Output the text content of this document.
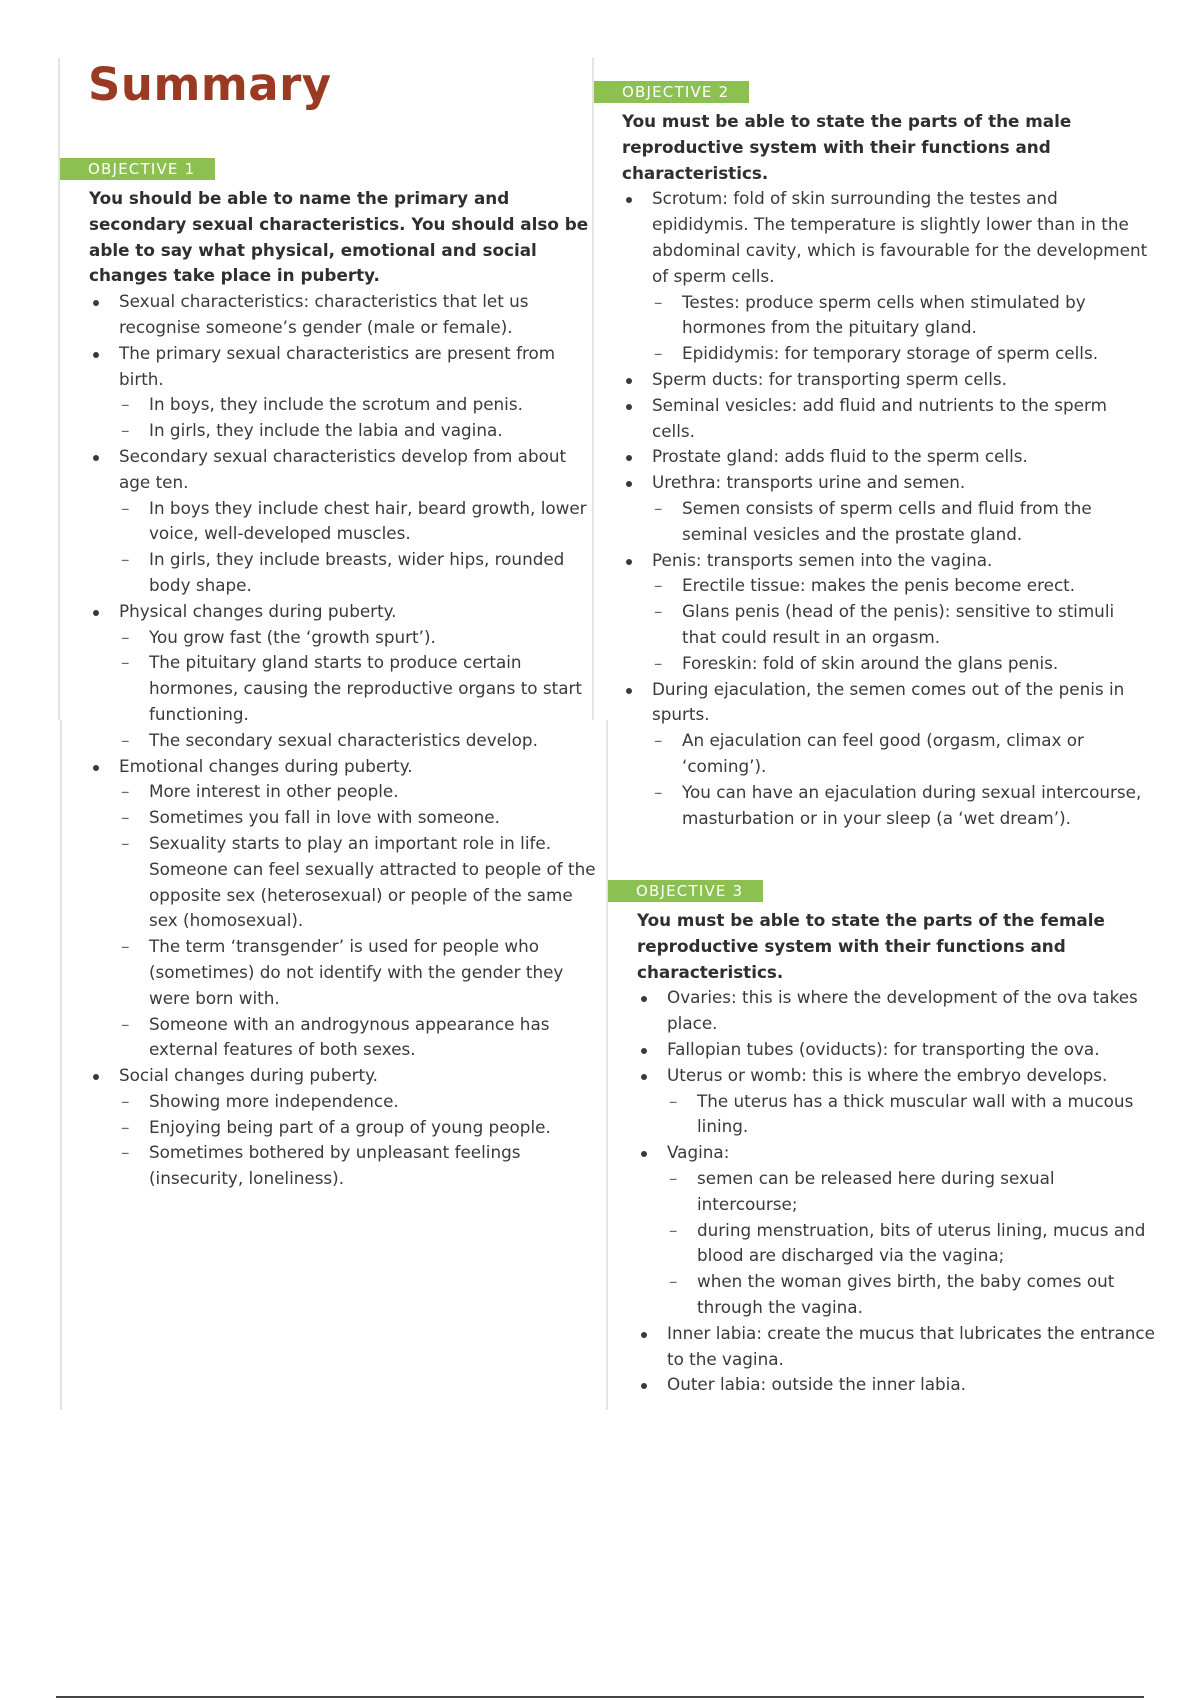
Summary
OBJECTIVE 1
You should be able to name the primary and secondary sexual characteristics. You should also be able to say what physical, emotional and social changes take place in puberty.
Sexual characteristics: characteristics that let us recognise someone’s gender (male or female).
The primary sexual characteristics are present from birth.
– In boys, they include the scrotum and penis.
– In girls, they include the labia and vagina.
Secondary sexual characteristics develop from about age ten.
– In boys they include chest hair, beard growth, lower voice, well-developed muscles.
– In girls, they include breasts, wider hips, rounded body shape.
Physical changes during puberty.
– You grow fast (the ‘growth spurt’).
– The pituitary gland starts to produce certain hormones, causing the reproductive organs to start functioning.
– The secondary sexual characteristics develop.
Emotional changes during puberty.
– More interest in other people.
– Sometimes you fall in love with someone.
– Sexuality starts to play an important role in life. Someone can feel sexually attracted to people of the opposite sex (heterosexual) or people of the same sex (homosexual).
– The term ‘transgender’ is used for people who (sometimes) do not identify with the gender they were born with.
– Someone with an androgynous appearance has external features of both sexes.
Social changes during puberty.
– Showing more independence.
– Enjoying being part of a group of young people.
– Sometimes bothered by unpleasant feelings (insecurity, loneliness).
OBJECTIVE 2
You must be able to state the parts of the male reproductive system with their functions and characteristics.
Scrotum: fold of skin surrounding the testes and epididymis. The temperature is slightly lower than in the abdominal cavity, which is favourable for the development of sperm cells.
– Testes: produce sperm cells when stimulated by hormones from the pituitary gland.
– Epididymis: for temporary storage of sperm cells.
Sperm ducts: for transporting sperm cells.
Seminal vesicles: add fluid and nutrients to the sperm cells.
Prostate gland: adds fluid to the sperm cells.
Urethra: transports urine and semen.
– Semen consists of sperm cells and fluid from the seminal vesicles and the prostate gland.
Penis: transports semen into the vagina.
– Erectile tissue: makes the penis become erect.
– Glans penis (head of the penis): sensitive to stimuli that could result in an orgasm.
– Foreskin: fold of skin around the glans penis.
During ejaculation, the semen comes out of the penis in spurts.
– An ejaculation can feel good (orgasm, climax or ‘coming’).
– You can have an ejaculation during sexual intercourse, masturbation or in your sleep (a ‘wet dream’).
OBJECTIVE 3
You must be able to state the parts of the female reproductive system with their functions and characteristics.
Ovaries: this is where the development of the ova takes place.
Fallopian tubes (oviducts): for transporting the ova.
Uterus or womb: this is where the embryo develops.
– The uterus has a thick muscular wall with a mucous lining.
Vagina:
– semen can be released here during sexual intercourse;
– during menstruation, bits of uterus lining, mucus and blood are discharged via the vagina;
– when the woman gives birth, the baby comes out through the vagina.
Inner labia: create the mucus that lubricates the entrance to the vagina.
Outer labia: outside the inner labia.
